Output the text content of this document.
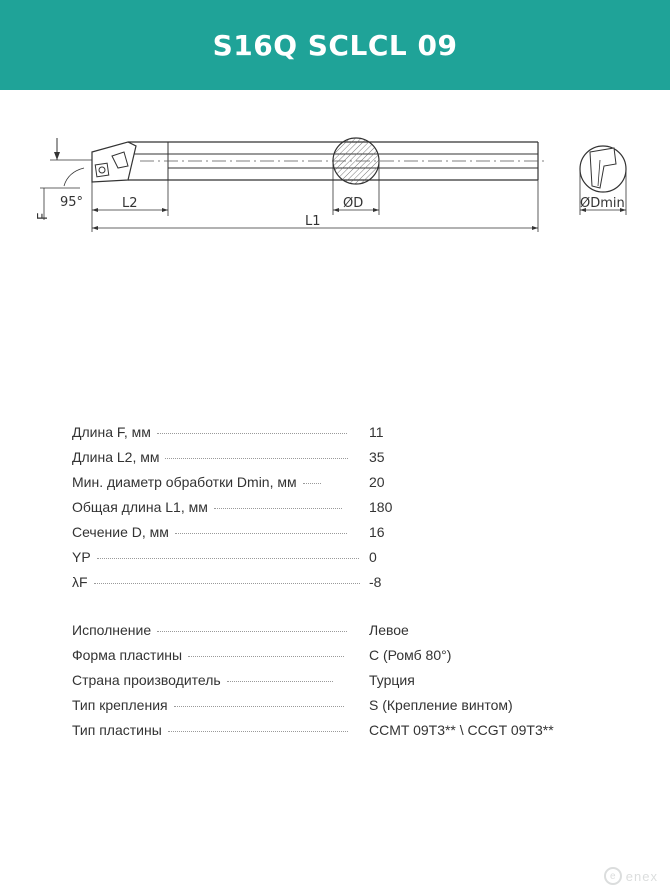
S16Q SCLCL 09
F
95°	ØD
L2
L1
ØDmin
Длина F, мм	11
Длина L2, мм	35
Мин. диаметр обработки Dmin, мм	20
Общая длина L1, мм	180
Сечение D, мм	16
YP	0
λF	-8
Исполнение	Левое
Форма пластины	C (Ромб 80°)
Страна производитель	Турция
Тип крепления	S (Крепление винтом)
Тип пластины	CCMT 09T3** \ CCGT 09T3**
e enex
